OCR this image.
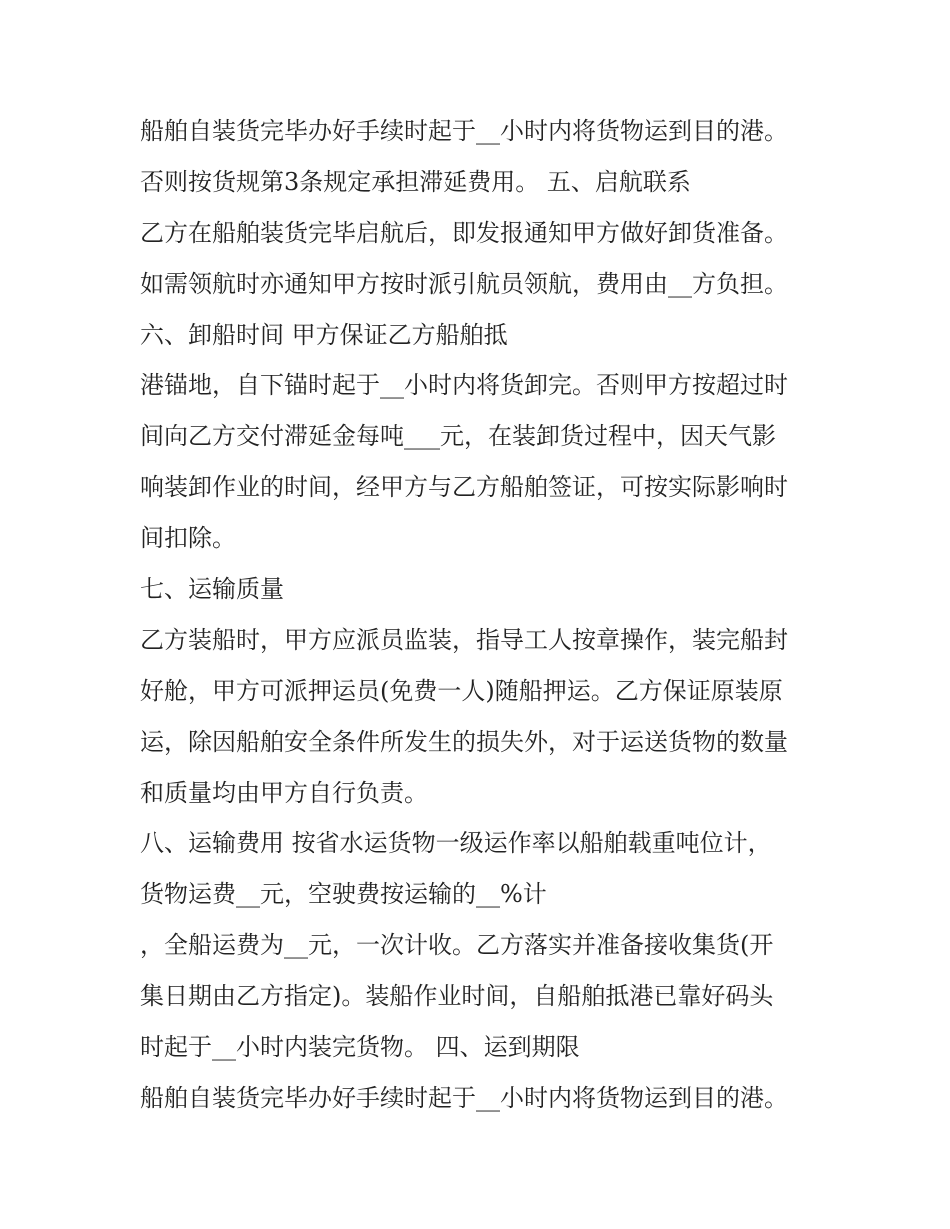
船舶自装货完毕办好手续时起于__小时内将货物运到目的港。

否则按货规第3条规定承担滞延费用。 五、启航联系

乙方在船舶装货完毕启航后，即发报通知甲方做好卸货准备。

如需领航时亦通知甲方按时派引航员领航，费用由__方负担。

六、卸船时间 甲方保证乙方船舶抵

港锚地，自下锚时起于__小时内将货卸完。否则甲方按超过时

间向乙方交付滞延金每吨___元，在装卸货过程中，因天气影

响装卸作业的时间，经甲方与乙方船舶签证，可按实际影响时

间扣除。

七、运输质量

乙方装船时，甲方应派员监装，指导工人按章操作，装完船封

好舱，甲方可派押运员(免费一人)随船押运。乙方保证原装原

运，除因船舶安全条件所发生的损失外，对于运送货物的数量

和质量均由甲方自行负责。

八、运输费用 按省水运货物一级运作率以船舶载重吨位计，

货物运费__元，空驶费按运输的__%计

，全船运费为__元，一次计收。乙方落实并准备接收集货(开

集日期由乙方指定)。装船作业时间，自船舶抵港已靠好码头

时起于__小时内装完货物。 四、运到期限

船舶自装货完毕办好手续时起于__小时内将货物运到目的港。
